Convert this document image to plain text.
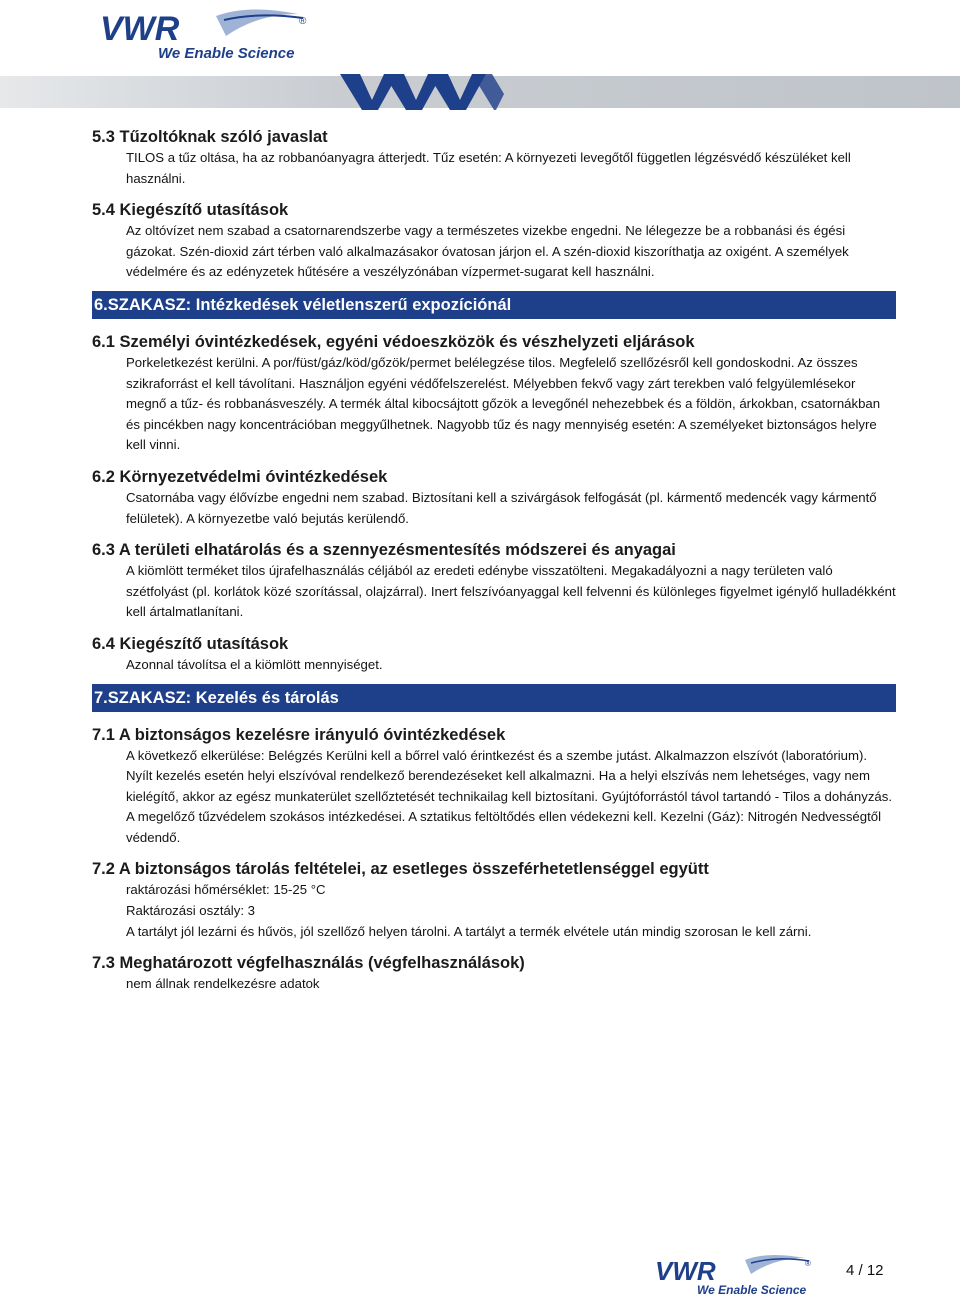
VWR	®
We Enable Science
5.3 Tűzoltóknak szóló javaslat

TILOS a tűz oltása, ha az robbanóanyagra átterjedt. Tűz esetén: A környezeti levegőtől független légzésvédő készüléket kell használni.

5.4 Kiegészítő utasítások

Az oltóvízet nem szabad a csatornarendszerbe vagy a természetes vizekbe engedni. Ne lélegezze be a robbanási és égési gázokat. Szén-dioxid zárt térben való alkalmazásakor óvatosan járjon el. A szén-dioxid kiszoríthatja az oxigént. A személyek védelmére és az edényzetek hűtésére a veszélyzónában vízpermet-sugarat kell használni.

6.SZAKASZ: Intézkedések véletlenszerű expozíciónál
6.1 Személyi óvintézkedések, egyéni védoeszközök és vészhelyzeti eljárások

Porkeletkezést kerülni. A por/füst/gáz/köd/gőzök/permet belélegzése tilos. Megfelelő szellőzésről kell gondoskodni. Az összes szikraforrást el kell távolítani. Használjon egyéni védőfelszerelést. Mélyebben fekvő vagy zárt terekben való felgyülemlésekor megnő a tűz- és robbanásveszély. A termék által kibocsájtott gőzök a levegőnél nehezebbek és a földön, árkokban, csatornákban és pincékben nagy koncentrációban meggyűlhetnek. Nagyobb tűz és nagy mennyiség esetén: A személyeket biztonságos helyre kell vinni.

6.2 Környezetvédelmi óvintézkedések

Csatornába vagy élővízbe engedni nem szabad. Biztosítani kell a szivárgások felfogását (pl. kármentő medencék vagy kármentő felületek). A környezetbe való bejutás kerülendő.

6.3 A területi elhatárolás és a szennyezésmentesítés módszerei és anyagai

A kiömlött terméket tilos újrafelhasználás céljából az eredeti edénybe visszatölteni. Megakadályozni a nagy területen való szétfolyást (pl. korlátok közé szorítással, olajzárral). Inert felszívóanyaggal kell felvenni és különleges figyelmet igénylő hulladékként kell ártalmatlanítani.

6.4 Kiegészítő utasítások

Azonnal távolítsa el a kiömlött mennyiséget.

7.SZAKASZ: Kezelés és tárolás
7.1 A biztonságos kezelésre irányuló óvintézkedések

A következő elkerülése: Belégzés Kerülni kell a bőrrel való érintkezést és a szembe jutást. Alkalmazzon elszívót (laboratórium). Nyílt kezelés esetén helyi elszívóval rendelkező berendezéseket kell alkalmazni. Ha a helyi elszívás nem lehetséges, vagy nem kielégítő, akkor az egész munkaterület szellőztetését technikailag kell biztosítani. Gyújtóforrástól távol tartandó - Tilos a dohányzás. A megelőző tűzvédelem szokásos intézkedései. A sztatikus feltöltődés ellen védekezni kell. Kezelni (Gáz): Nitrogén Nedvességtől védendő.

7.2 A biztonságos tárolás feltételei, az esetleges összeférhetetlenséggel együtt

raktározási hőmérséklet: 15-25 °C

Raktározási osztály: 3

A tartályt jól lezárni és hűvös, jól szellőző helyen tárolni. A tartályt a termék elvétele után mindig szorosan le kell zárni.

7.3 Meghatározott végfelhasználás (végfelhasználások)

nem állnak rendelkezésre adatok

VWR	®
We Enable Science
4 / 12
